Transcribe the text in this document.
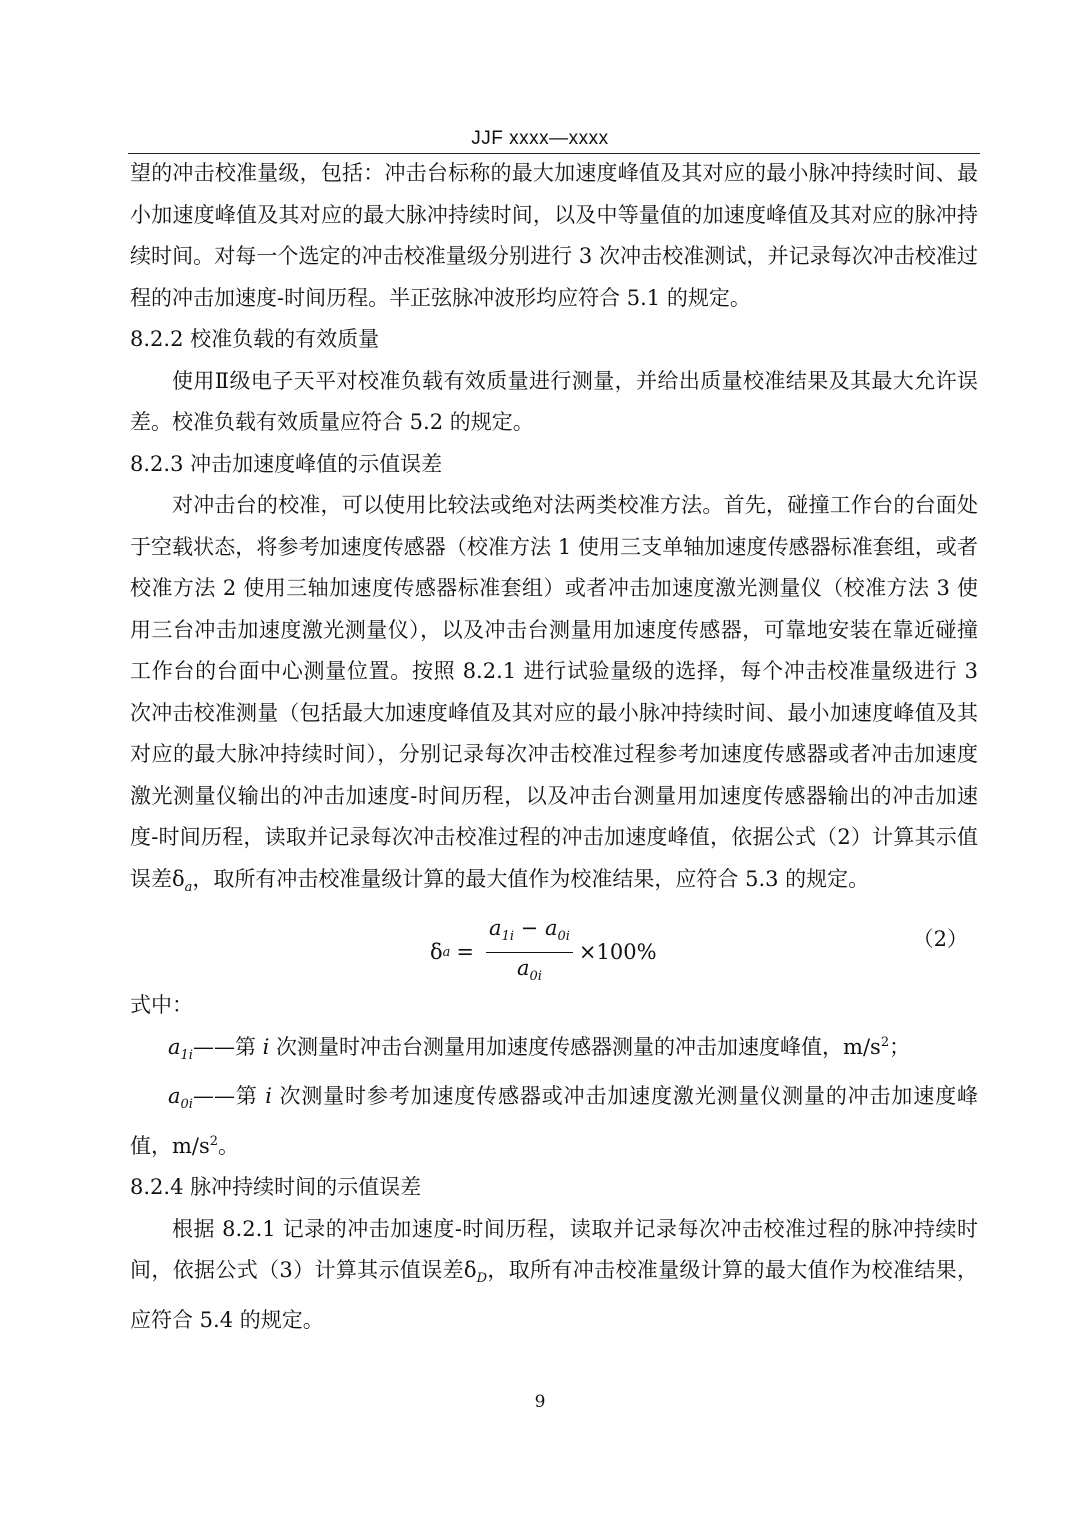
JJF xxxx—xxxx

望的冲击校准量级，包括：冲击台标称的最大加速度峰值及其对应的最小脉冲持续时间、最小加速度峰值及其对应的最大脉冲持续时间，以及中等量值的加速度峰值及其对应的脉冲持续时间。对每一个选定的冲击校准量级分别进行 3 次冲击校准测试，并记录每次冲击校准过程的冲击加速度-时间历程。半正弦脉冲波形均应符合 5.1 的规定。

8.2.2 校准负载的有效质量

使用Ⅱ级电子天平对校准负载有效质量进行测量，并给出质量校准结果及其最大允许误差。校准负载有效质量应符合 5.2 的规定。

8.2.3 冲击加速度峰值的示值误差

对冲击台的校准，可以使用比较法或绝对法两类校准方法。首先，碰撞工作台的台面处于空载状态，将参考加速度传感器（校准方法 1 使用三支单轴加速度传感器标准套组，或者校准方法 2 使用三轴加速度传感器标准套组）或者冲击加速度激光测量仪（校准方法 3 使用三台冲击加速度激光测量仪），以及冲击台测量用加速度传感器，可靠地安装在靠近碰撞工作台的台面中心测量位置。按照 8.2.1 进行试验量级的选择，每个冲击校准量级进行 3 次冲击校准测量（包括最大加速度峰值及其对应的最小脉冲持续时间、最小加速度峰值及其对应的最大脉冲持续时间），分别记录每次冲击校准过程参考加速度传感器或者冲击加速度激光测量仪输出的冲击加速度-时间历程，以及冲击台测量用加速度传感器输出的冲击加速度-时间历程，读取并记录每次冲击校准过程的冲击加速度峰值，依据公式（2）计算其示值误差$\delta_a$，取所有冲击校准量级计算的最大值作为校准结果，应符合 5.3 的规定。

δ $a = \frac{a_{1i} - a_{0i}}{a_{0i}} \times 100\%$
（2）

式中：

$a_{1i}——$第 i 次测量时冲击台测量用加速度传感器测量的冲击加速度峰值，$m/s^2$；

$a_{0i}——$第 i 次测量时参考加速度传感器或冲击加速度激光测量仪测量的冲击加速度峰值，$m/s^2$。

8.2.4 脉冲持续时间的示值误差

根据 8.2.1 记录的冲击加速度-时间历程，读取并记录每次冲击校准过程的脉冲持续时间，依据公式（3）计算其示值误差$\delta_D$，取所有冲击校准量级计算的最大值作为校准结果，应符合 5.4 的规定。

9
